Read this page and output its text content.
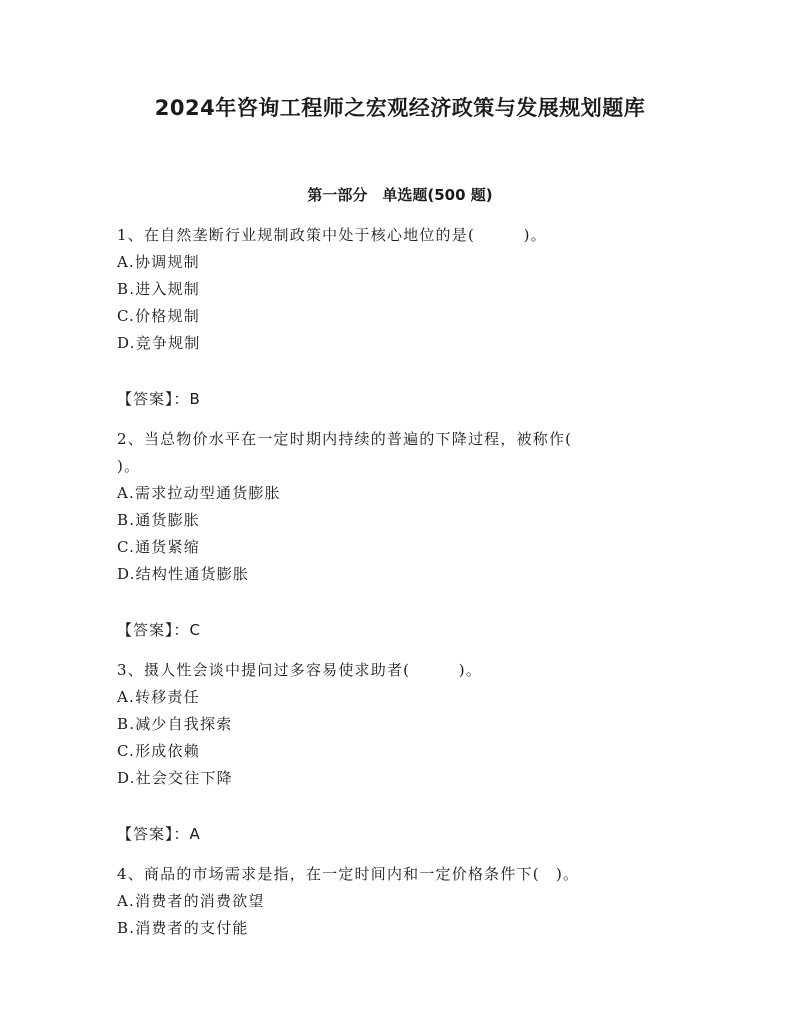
2024年咨询工程师之宏观经济政策与发展规划题库
第一部分　单选题(500 题)
1、在自然垄断行业规制政策中处于核心地位的是(　　　)。
A.协调规制
B.进入规制
C.价格规制
D.竞争规制
【答案】：B
2、当总物价水平在一定时期内持续的普遍的下降过程，被称作(
)。
A.需求拉动型通货膨胀
B.通货膨胀
C.通货紧缩
D.结构性通货膨胀
【答案】：C
3、摄人性会谈中提问过多容易使求助者(　　　)。
A.转移责任
B.减少自我探索
C.形成依赖
D.社会交往下降
【答案】：A
4、商品的市场需求是指，在一定时间内和一定价格条件下(　)。
A.消费者的消费欲望
B.消费者的支付能
